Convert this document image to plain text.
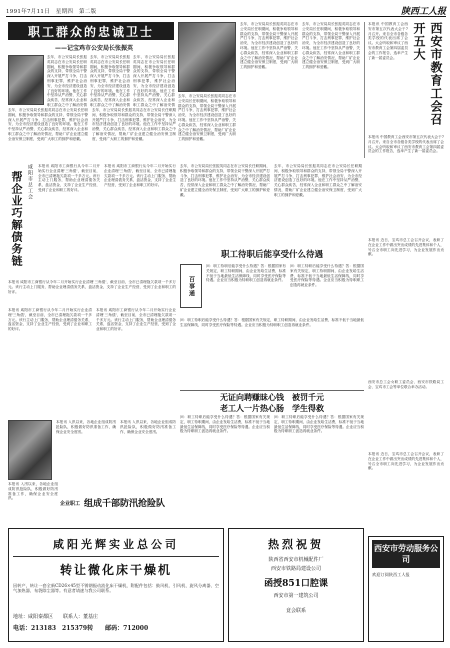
1991年7月11日　星期四　第二版	陕西工人报
职工群众的忠诚卫士
——记宝鸡市公安局长张振英
去年，市公安局局长张振英同志在市公安局长任职期间，积极争取领导和群众的支持，带领全局干警深入开展严打斗争，打击刑事犯罪，维护社会治安，为全市经济建设创造了良好的环境。他在工作中坚持从严治警，关心群众疾苦，经常深入企业和职工群众之中了解治安情
去年，市公安局局长张振英同志在市公安局长任职期间，积极争取领导和群众的支持，带领全局干警深入开展严打斗争，打击刑事犯罪，维护社会治安，为全市经济建设创造了良好的环境。他在工作中坚持从严治警，关心群众疾苦，经常深入企业和职工群众之中了解治安情
去年，市公安局局长张振英同志在市公安局长任职期间，积极争取领导和群众的支持，带领全局干警深入开展严打斗争，打击刑事犯罪，维护社会治安，为全市经济建设创造了良好的环境。他在工作中坚持从严治警，关心群众疾苦，经常深入企业和职工群众之中了解治安情
去年，市公安局局长张振英同志在市公安局长任职期间，积极争取领导和群众的支持，带领全局干警深入开展严打斗争，打击刑事犯罪，维护社会治安，为全市经济建设创造了良好的环境。他在工作中坚持从严治警，关心群众疾苦，经常深入企业和职工群众之中了解治安情况，帮助厂矿企业建立健全治安保卫制度，受到广大职工的拥护和爱戴。
去年，市公安局局长张振英同志在市公安局长任职期间，积极争取领导和群众的支持，带领全局干警深入开展严打斗争，打击刑事犯罪，维护社会治安，为全市经济建设创造了良好的环境。他在工作中坚持从严治警，关心群众疾苦，经常深入企业和职工群众之中了解治安情况，帮助厂矿企业建立健全治安保卫制度，受到广大职工的拥护和爱戴。
去年，市公安局局长张振英同志在市公安局长任职期间，积极争取领导和群众的支持，带领全局干警深入开展严打斗争，打击刑事犯罪，维护社会治安，为全市经济建设创造了良好的环境。他在工作中坚持从严治警，关心群众疾苦，经常深入企业和职工群众之中了解治安情况，帮助厂矿企业建立健全治安保卫制度，受到广大职工的拥护和爱戴。
去年，市公安局局长张振英同志在市公安局长任职期间，积极争取领导和群众的支持，带领全局干警深入开展严打斗争，打击刑事犯罪，维护社会治安，为全市经济建设创造了良好的环境。他在工作中坚持从严治警，关心群众疾苦，经常深入企业和职工群众之中了解治安情况，帮助厂矿企业建立健全治安保卫制度，受到广大职工的拥护和爱戴。
去年，市公安局局长张振英同志在市公安局长任职期间，积极争取领导和群众的支持，带领全局干警深入开展严打斗争，打击刑事犯罪，维护社会治安，为全市经济建设创造了良好的环境。他在工作中坚持从严治警，关心群众疾苦，经常深入企业和职工群众之中了解治安情况，帮助厂矿企业建立健全治安保卫制度，受到广大职工的拥护和爱戴。
本报讯 中国教育工会西安市第五次代表大会于7月召开。来自全市各级各类学校的代表出席了会议。大会听取和审议了西安市教育工会第四届委员会的工作报告，选举产生了新一届委员会。	西安市教育工会召开五大
本报讯 中国教育工会西安市第五次代表大会于7月召开。来自全市各级各类学校的代表出席了会议。大会听取和审议了西安市教育工会第四届委员会的工作报告，选举产生了新一届委员会。
帮企业巧解债务链 咸阳市总工会 本报讯 咸阳市工商银行从今年二月开始实行企业清理'三角债'，截至目前，全市已清理拖欠款项一千多万元。该行主动上门服务，帮助企业理清债务关系，盘活资金，支持了企业生产经营，受到了企业和职工的好评。
本报讯 咸阳市工商银行从今年二月开始实行企业清理'三角债'，截至目前，全市已清理拖欠款项一千多万元。该行主动上门服务，帮助企业理清债务关系，盘活资金，支持了企业生产经营，受到了企业和职工的好评。
本报讯 咸阳市工商银行从今年二月开始实行企业清理'三角债'，截至目前，全市已清理拖欠款项一千多万元。该行主动上门服务，帮助企业理清债务关系，盘活资金，支持了企业生产经营，受到了企业和职工的好评。
去年，市公安局局长张振英同志在市公安局长任职期间，积极争取领导和群众的支持，带领全局干警深入开展严打斗争，打击刑事犯罪，维护社会治安，为全市经济建设创造了良好的环境。他在工作中坚持从严治警，关心群众疾苦，经常深入企业和职工群众之中了解治安情况，帮助厂矿企业建立健全治安保卫制度，受到广大职工的拥护和爱戴。
去年，市公安局局长张振英同志在市公安局长任职期间，积极争取领导和群众的支持，带领全局干警深入开展严打斗争，打击刑事犯罪，维护社会治安，为全市经济建设创造了良好的环境。他在工作中坚持从严治警，关心群众疾苦，经常深入企业和职工群众之中了解治安情况，帮助厂矿企业建立健全治安保卫制度，受到广大职工的拥护和爱戴。
职工待职后能享受什么待遇
百事通
问：职工待职后能享受什么待遇？答：根据国家有关规定，职工待职期间，由企业发给生活费，标准不低于当地最低生活保障线，同时享受医疗保险等待遇。企业应当积极为待职职工创造再就业条件。
问：职工待职后能享受什么待遇？答：根据国家有关规定，职工待职期间，由企业发给生活费，标准不低于当地最低生活保障线，同时享受医疗保险等待遇。企业应当积极为待职职工创造再就业条件。
问：职工待职后能享受什么待遇？答：根据国家有关规定，职工待职期间，由企业发给生活费，标准不低于当地最低生活保障线，同时享受医疗保险等待遇。企业应当积极为待职职工创造再就业条件。
无证向聘赚昧心钱　被罚千元
老工人一片热心肠　学生得救
问：职工待职后能享受什么待遇？答：根据国家有关规定，职工待职期间，由企业发给生活费，标准不低于当地最低生活保障线，同时享受医疗保险等待遇。企业应当积极为待职职工创造再就业条件。
问：职工待职后能享受什么待遇？答：根据国家有关规定，职工待职期间，由企业发给生活费，标准不低于当地最低生活保障线，同时享受医疗保险等待遇。企业应当积极为待职职工创造再就业条件。
本报讯 咸阳市工商银行从今年二月开始实行企业清理'三角债'，截至目前，全市已清理拖欠款项一千多万元。该行主动上门服务，帮助企业理清债务关系，盘活资金，支持了企业生产经营，受到了企业和职工的好评。
本报讯 咸阳市工商银行从今年二月开始实行企业清理'三角债'，截至目前，全市已清理拖欠款项一千多万元。该行主动上门服务，帮助企业理清债务关系，盘活资金，支持了企业生产经营，受到了企业和职工的好评。
本报讯 入汛以来，各地企业组成防汛抢险队，积极做好防汛准备工作，确保企业安全度汛。
本报讯 入汛以来，各地企业组成防汛抢险队，积极做好防汛准备工作，确保企业安全度汛。
企业职工 组成千部防汛抢险队
本报讯 入汛以来，各地企业组成防汛抢险队，积极做好防汛准备工作，确保企业安全度汛。
本报讯 近日，宝鸡市总工会召开会议，表彰了在企业工作中做出突出成绩的先进集体和个人，号召全市职工向先进学习，为企业发展作出贡献。
西安市总工会女职工委员会、西安市铁路局工会、宝鸡市工会等单位联合举办活动。
本报讯 近日，宝鸡市总工会召开会议，表彰了在企业工作中做出突出成绩的先进集体和个人，号召全市职工向先进学习，为企业发展作出贡献。
咸阳光辉实业总公司
转让微化床干燥机
因转产，转让一套全新CD26×45型不锈钢振动流化床干燥机，附配件包括：鼓风机、引风机、旋风分离器、空气加热器、布袋除尘器等。有意者请速与我公司联系。
地址：咸阳秦都区　　联系人：董基庄
电话：213183　215379转　　邮码：712000
热烈祝贺
陕西省西安市机械配件厂
西安市铁路局建设公司
函授851口腔课
西安市第一建筑公司
竟会联系
西安市劳动服务公司
欢迎订阅陕西工人报
